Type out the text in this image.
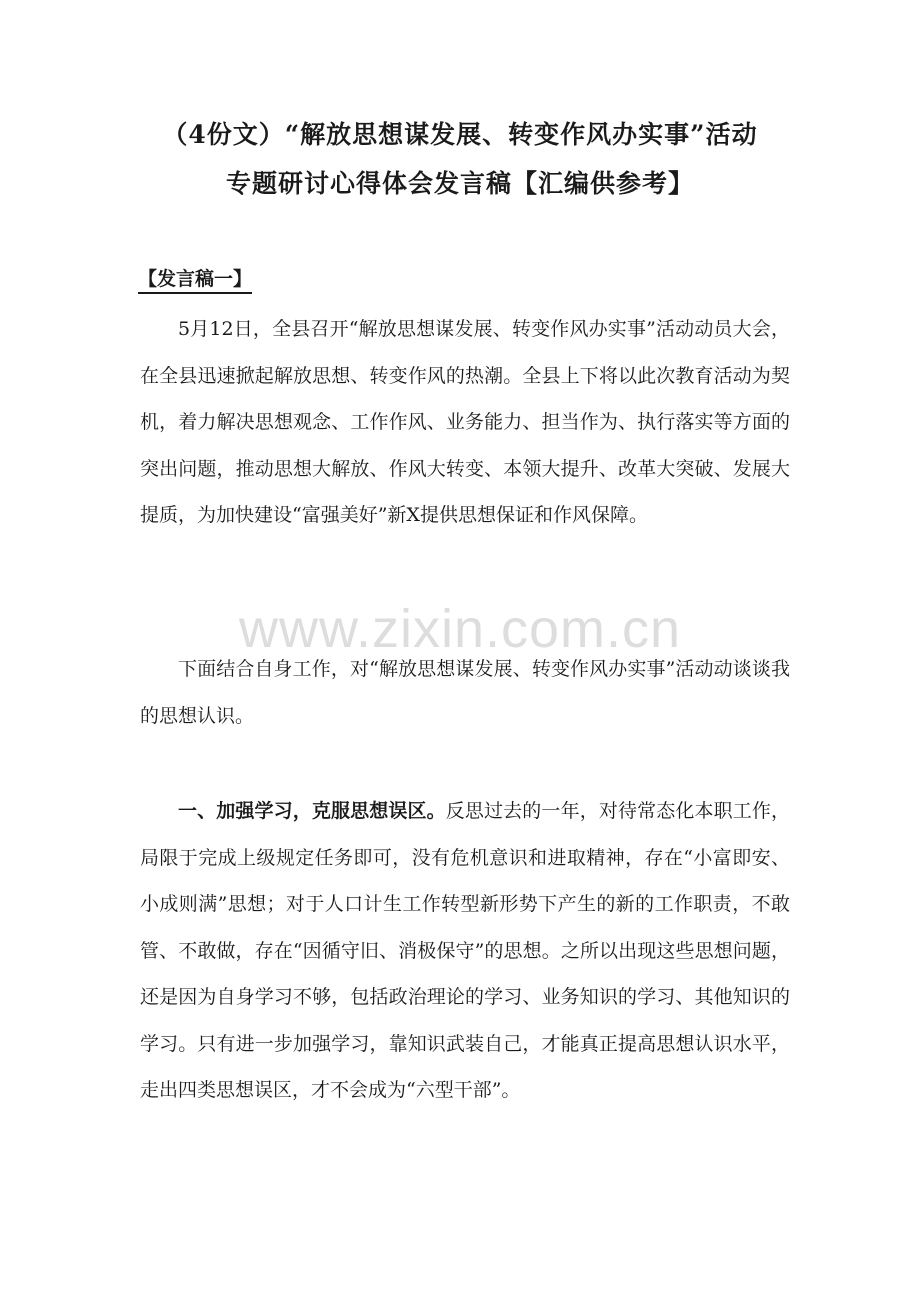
（4份文）“解放思想谋发展、转变作风办实事”活动
专题研讨心得体会发言稿【汇编供参考】
【发言稿一】

5月12日，全县召开“解放思想谋发展、转变作风办实事”活动动员大会，在全县迅速掀起解放思想、转变作风的热潮。全县上下将以此次教育活动为契机，着力解决思想观念、工作作风、业务能力、担当作为、执行落实等方面的突出问题，推动思想大解放、作风大转变、本领大提升、改革大突破、发展大提质，为加快建设“富强美好”新X提供思想保证和作风保障。

www.zixin.com.cn

下面结合自身工作，对“解放思想谋发展、转变作风办实事”活动动谈谈我的思想认识。

一、加强学习，克服思想误区。反思过去的一年，对待常态化本职工作，局限于完成上级规定任务即可，没有危机意识和进取精神，存在“小富即安、小成则满”思想；对于人口计生工作转型新形势下产生的新的工作职责，不敢管、不敢做，存在“因循守旧、消极保守”的思想。之所以出现这些思想问题，还是因为自身学习不够，包括政治理论的学习、业务知识的学习、其他知识的学习。只有进一步加强学习，靠知识武装自己，才能真正提高思想认识水平，走出四类思想误区，才不会成为“六型干部”。
